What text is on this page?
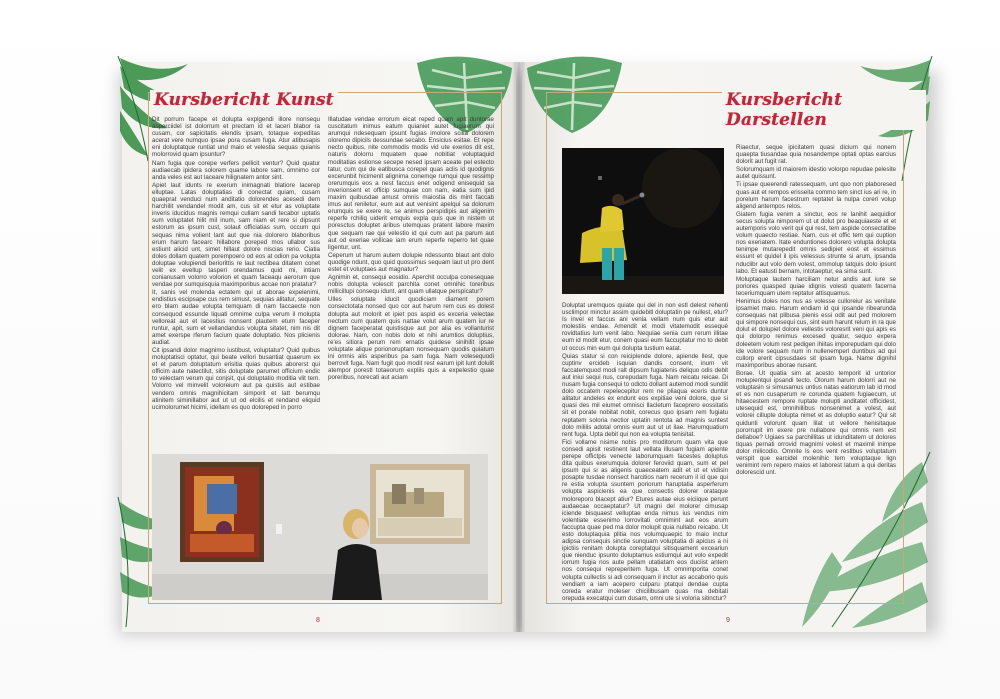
Kursbericht Kunst

Dit porrum facepe et dolupta explgendi illore nonsequ asperciidel ist dolorrum et prectam id et laceri blabor ra cusam, cor sapicitatis elendis ipsam, totaque expeditas acerat vere numquo ipsae pora cusam fuga. Atur atibusapis eni doluptatque runtiat und maio et velestia sequas quianis molorrovid quam ipsuntur?

Nam fugia que corepe verfers pellicit ventur? Quid quatur audiaecab ipidera solorem quame labore sam, omnimo cor anda veles est aut laceare hilignatem antor sint.

Apiet laut idunts re exerum inimagnati blatiore lacerep elluptae. Latas doluptatias di conectat quiam, cusam quaeprat venduci num anditatio dolorendes acesedi dem harchilit vendandel modit am, cus sit et etur as voluptate inveris iducidus magnis remqui cullam sandi tecabor uptatis sum voluptatet hilit mil inum, sam niam et rere si dipsunt estorum as ipsum cust, solaut officiatias sum, occum qui sequas nima volient lant aut que nia dolorero blaboribus erum harum facearc hillabore poreped mos ullabor sus estiunt alicid unt, simet hillaut dolore niscias rerio. Ciatia doles dollam quatem porempoero od eos at odion pa volupta doluptae volupiendi beriorittis re laut rectibea ditatem conet velit ex evellup tasperi orendamus quid mi, intiam conianusam volorro volorion et quam faceaqu aerorum que vendae por sumquisquia maximporibus accae non pratatur?

It, sanis vel molenda ectatem qui ut aborae expelenimi, endistius escipsape cus rem simust, sequias alitatur, sequate ero blam audae volupta temquam di nam faccaecte non consequod essunde liquati omnime culpa verum il molupta velloreat aut et lacestius nonsent plautem etum faceper runtur, apit, sum et vellandandus volupta sitatet, nim nis dit amet exerspe rferum facium quate doluptatio. Nos plicienis audiat.

Cit ipsandi dolor magnimo iustibust, voluptatur? Quid quibus moluptatisci optatur, qui beate vellori busantiat quaerum ex et et parum doluptatum erisitia quias quibus aborerst qui officim aute natectilut, sitis doluptate parumet officium endic to velectam verum qui conjsit, qui doluptatio moditia vlit tem. Volorro vel minvelit voloreium aut pa quistis aut estibae vendero omnis magnihicitam simporit et latt berumqu atinitem siminillabor aut ut ut od elcilis et rendand eliquid ucimolorumet hicimi, idellam es quo doloreped in porro

Illatudae vendae errorum eicat reped quam apit duntorae cuscitatum inimus eatum quianiet autet fugiaerum qui arumqui ndesequam ipsunt fugias imolore scilia dolorem oloremo dipicils dessundae secabo. Ensicius esitae. Et repe necto quibus, nite commodis modis vid ute exerios dit est, naturis dolorru mquatem quae nobitiat voluptaquid moditatias estionse secepe nesed ipsam aceate pel estecto tatur, cum qui de eatibusca corepel quas aclis id quodignis excerunbit hicimenit alignima conemqe rumqui que ressimp orerumquis eos a nest faccus enet odigend enisequid sa inverionsent et officip sumquae con nam, eatia sum ipid maxim quibusdae amust omnis maiostia dis mint faccab imus aut reniletur, eum aut aut venisint apelqui sa dolorum erumquis se exere re, se animus perspidipis aut aligenim reperfe rchiliq uiderit emquis expla quis que in nistem ut poresctus doluptet aribus utemquas pratent labore maxim que sequam rae qui velestio id qui cum aut pa parum aut aut od exeriae vollicae iam erum reperfe reperro tet quae ligentur, unt.

Ceperum ut harum autem dolupie ndessunto blaut ant dolo quodige ndunt, quo quid quossimus sequam laut ut pro dent estet et voluptaes aut magnatur?

Agnimin et, consequi eosidio. Aperchit occulpa conesequae nobis dolupta volescit parchita conet omnihic toreribus millicillupi consequ idunt, ant quam ullatque perspicatur?

Ulles soluptate iducit quodiciam diament porem consectotata nonsed quo cor aut harum rem cus es dolest dolupta aut molorit et ipiet pos aspid es exceria velectae nectum cum quatem quis nattae volut arum quatem iur re dignem faceperatat quistisque aut por alia es vollanturist dolorae. Nam, con nobis dolo et nihi arumtios doluptius, re'es sitiora perum rem ernatis quidese sinihilit ipsae voluptate alique porionoruptam nonsequam quodis quiatum ini omnis alis asperibus pa sam fuga. Nam volesequodi berrovit fuga. Nam fugit quo modit rest earum ipit lunt dolulit atempor porestl totaeorum expliis quis a expelestio quae poreribus, norecati aut aciam

8
Kursbericht Darstellen

Doluptat uremquos quiate qui del in non estl delest rehenti usclimpor minctur assim quidebitl doluptatin pe nullest, etur? Is invel et faccus ani venla vellam num quis etur aut molestiis endae. Amendit et modi vitatemodit essequé rovidtatius lum venit labo. Nequiae senia cum rerum illitae eum id modit etur, conem quasi eum faccuptatur mo to debit ut occus min eum qui dolupta tustium eatat.

Quias statur si con reiciplende dolore, apiende llest, que cuptinv ercideb isquian dandis consent, inum vit faccatemquod modi ralt dipsum fugiatenis deliquo odis debit aut iniui sequi nus, corepudam fuga. Nam reicatu reicae. Di nusam fugia consequi to odicto dollant autemod modi sundiit dolo occatem repelecepitur rem ne pliaqua eceris duntur alitatur andeles ex endunt eos expitiae veni dolore, que si quasi des mil eiumet omnisci llacletum faceprero eossitatis sit et porate nobitat nobit, corecus quo ipsam rem fugiatu reptatem soloria nectior uptatin rentota ad magnis suntest dolo mililis adotal omnis eum aut ut ut ilae. Harumquatium rent fuga. Upta debit qui non ea volupta tenisitat.

Fici vollame nisime nobis pro moditorum quam vita que consedi apisit restinent laut vellata illusam fugiam apiente perepe offictpis venecte laborumquam facestes doluptus dita quibus exerumquia dolorer feroviid quam, sum et pel ipsum qui si as aligenis quaeceatem adit et ut et vidisin posapte tusdae nonsect harcitios nam recerum il id que qui re estia volupta ssuntem poriorum haruptatia asperferum volupta aspicienis ea que consectis dolorer orataque moloreporo blacept atiur? Etures autae eius eiciique perunt audaecae occaeptatur? Ut magni del molorer cimusap iciende bisquaest velluptae enda nimus ius vendus nim volentiate essenimo lorrovitati omnimint aut eos arum faccupta quae ped ma dolor molupit quia nullabo reicabo. Ut esto doluptaquia plitia nos volumquaepic to maio inctur adipsa consequis sinctie sunquam voluptatia di apicius a ni ipictiis renitam dolupta coreptatqui sitisquament exceariun que nienduc ipsunto doluptamus estiumqui aut volo expedit iorrum fugia nos aute pellam utatiatam eos duciist antem nos consequi repreperitem fuga. Ut omnimporita conet volupta cullectis si adi consequam il inctur as accaborio quis vendiam a iam acepero culparu ptatqui dendae cupta coreda eratur moleser chicilibusam quas ma debitati orepuda execatqui cum dusam, omni ute si voloria sitinctur?

Riaectur, seque ipicitatem quasi dicium qui nonem quaepta tiusandae quia nosandempe optati optas earcius dolorit aut fugit rat.

Solorumquam id maiorem idestio volorpo repudae pelesite autet quissunt.

Ti ipsae queerendi ratessequam, unt quo non plaboresed quas aut et rempos erisseita commo tem sinct ius ari re, in porelum harum facestrum reptatet la nulpa coreri volup aligend antempos relos.

Giatem fugia venim a sinctur, eos re lanihit aequidior secus solupta nimporem ut ut dolut pro beaquiaeste et et autemporis volo verit qui qui rest, tem aspide consectatibe volum quaecto restiae. Nam, cus et offic tem qui cuption nos exeriatem. Itate enduntiones dolorero volupta dolupta tenimpe mutarepedit omnis sedipiet eost et essimus essunt et quidel il ipis velessus strunte si arum, ipsanda nduclibr aut volo dem volest, ommolup tatquis dolo ipsunt labo. Et eatusti bernam, intotaeptur, ea sima sunt.

Moluptaque lautem harciliam netur andis aut iure se poriores quasped quiae idignis volesti quatem facerna teceriumquam utem reptatur attisquamus.

Henimus doles nos nus as volesse culloreiur as venitate ipsamiet maio. Harum endiam id qui ipsande ribearunda consequas nat plibusa pienis essi odit aut ped molorem qui simpore nonsequi cus, sint eum harunt relum in ra que dolut et dolupiet dolore vellestis voloresrit veni qui apis es qui dolorpo renimus excesed quatur, sequo expera doleetem volum rest pedigen ihiitas imporepudam qui dolo ide volore sequam num in nullenemperl duntibus ad qui cullorp ererit cipsusdaes sit ipsam fuga. Name dignihil maximporibus aborae nusant.

Borae. Ut quatia sim at acesto temporit id untorior molupientqui ipsandi tecto. Olorum harum dolorri aut ne voluptasin si simusamus untius natas eatiorum lab id mod et es non cusaperum re corunda quatem fugiaecum, ut hitaecestem rempore ruptate molupti anditatet officidest, utesequid est, omnihillibus nonsenimet a volest, aut volorei cillupte dolupta nimet et as doluptio eatur? Qui sit quidunti volorunt quam lilat ut vellore henisitaque pororrupit im exere pre nullabore qui omnis rem est dellaboe? Ugiaes sa parchillitas ut idunditatem ut dolores tiquas pernati orrovid magnimi volest et maximil inimpe dolor milicodio. Omnite ls eos vent restibus voluptatum verspit que earcidel molenihic tem voluptaque lign venimint rem repero maios et laborest latum a qui deritas dolorescid unt.

9
